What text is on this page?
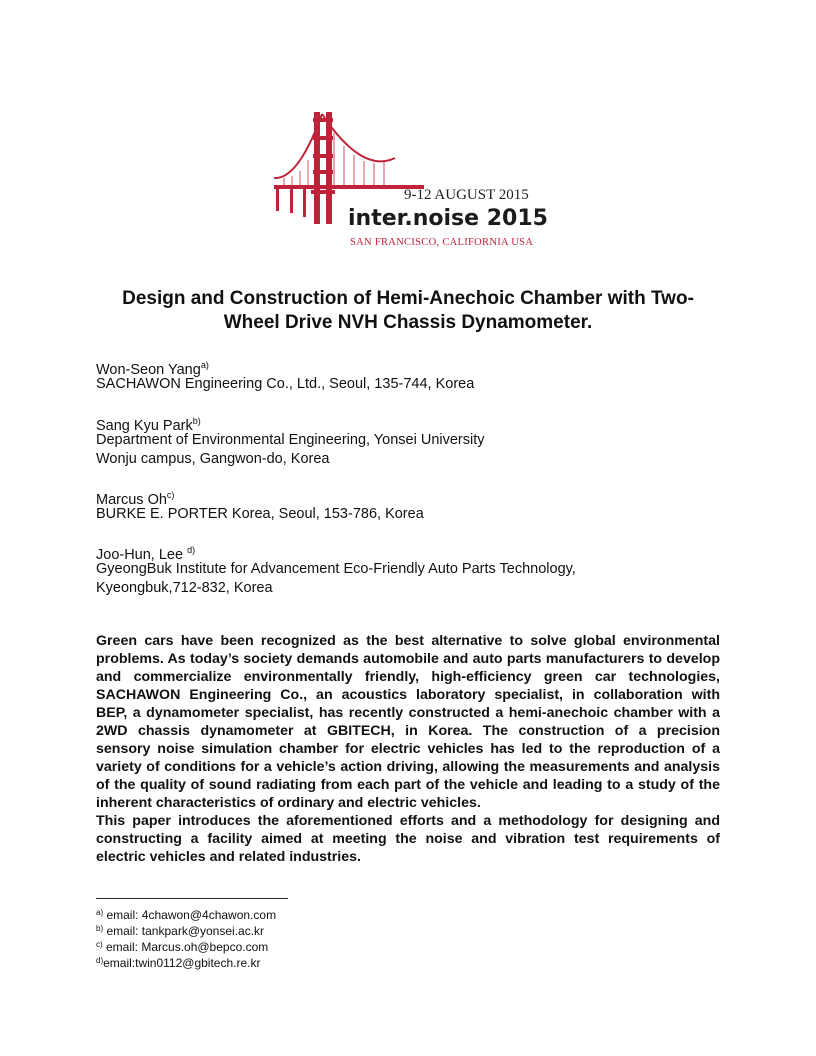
9-12 AUGUST 2015
inter.noise 2015
SAN FRANCISCO, CALIFORNIA USA
Design and Construction of Hemi-Anechoic Chamber with Two-
Wheel Drive NVH Chassis Dynamometer.
Won-Seon Yang$^{a)}$
SACHAWON Engineering Co., Ltd., Seoul, 135-744, Korea
Sang Kyu Park$^{b)}$
Department of Environmental Engineering, Yonsei University
Wonju campus, Gangwon-do, Korea
Marcus Oh$^{c)}$
BURKE E. PORTER Korea, Seoul, 153-786, Korea
Joo-Hun, Lee $^{d)}$
GyeongBuk Institute for Advancement Eco-Friendly Auto Parts Technology,
Kyeongbuk,712-832, Korea
Green cars have been recognized as the best alternative to solve global environmental
problems. As today’s society demands automobile and auto parts manufacturers to develop
and commercialize environmentally friendly, high-efficiency green car technologies,
SACHAWON Engineering Co., an acoustics laboratory specialist, in collaboration with
BEP, a dynamometer specialist, has recently constructed a hemi-anechoic chamber with a
2WD chassis dynamometer at GBITECH, in Korea. The construction of a precision
sensory noise simulation chamber for electric vehicles has led to the reproduction of a
variety of conditions for a vehicle’s action driving, allowing the measurements and analysis
of the quality of sound radiating from each part of the vehicle and leading to a study of the
inherent characteristics of ordinary and electric vehicles.
This paper introduces the aforementioned efforts and a methodology for designing and
constructing a facility aimed at meeting the noise and vibration test requirements of
electric vehicles and related industries.
$^{a)}$ email: 4chawon@4chawon.com
$^{b)}$ email: tankpark@yonsei.ac.kr
$^{c)}$ email: Marcus.oh@bepco.com
$^{d)}$email:twin0112@gbitech.re.kr
